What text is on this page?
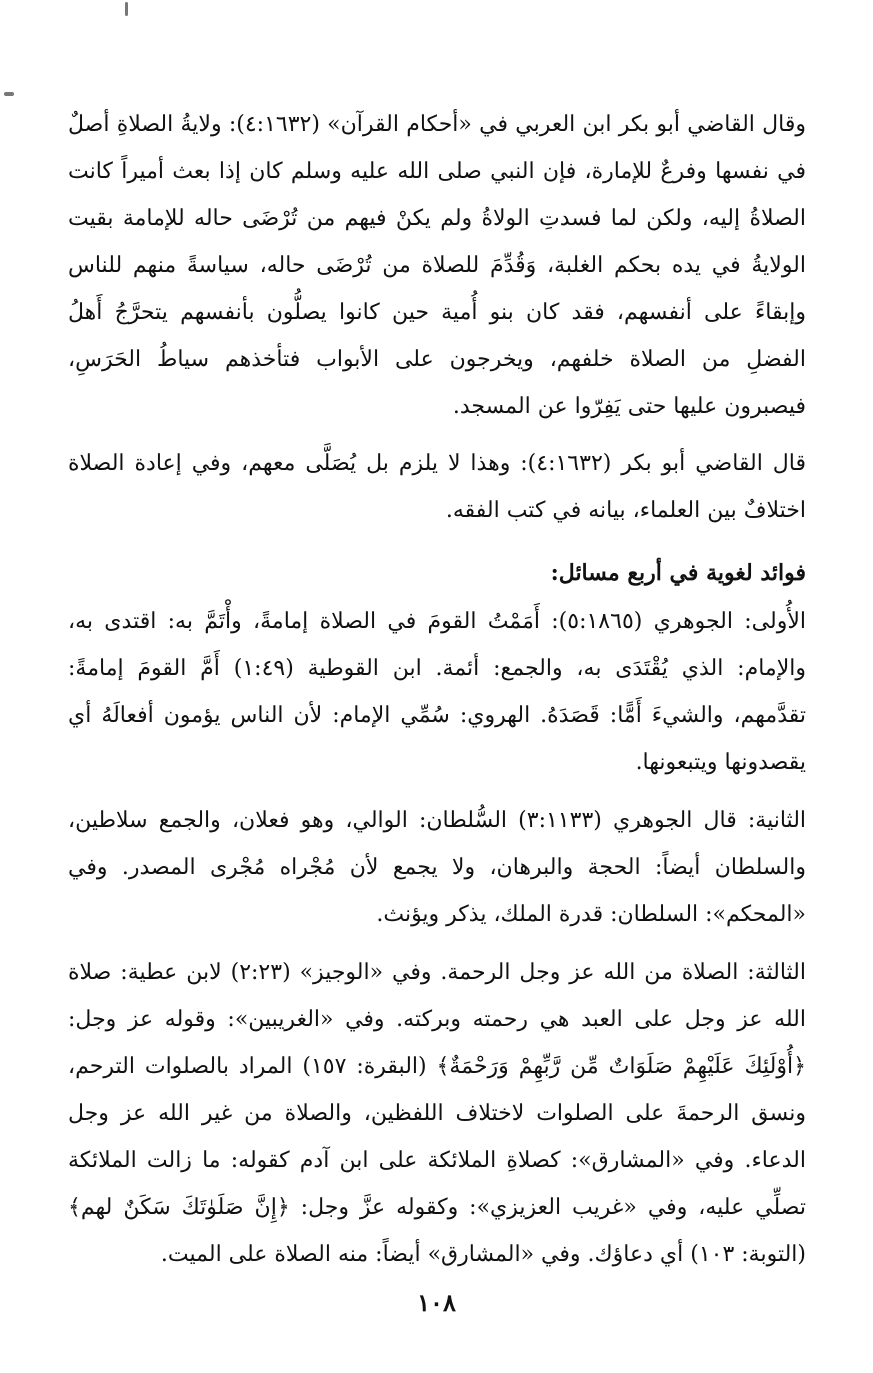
وقال القاضي أبو بكر ابن العربي في «أحكام القرآن» (٤:١٦٣٢): ولايةُ الصلاةِ أصلٌ في نفسها وفرعٌ للإمارة، فإن النبي صلى الله عليه وسلم كان إذا بعث أميراً كانت الصلاةُ إليه، ولكن لما فسدتِ الولاةُ ولم يكنْ فيهم من تُرْضَى حاله للإمامة بقيت الولايةُ في يده بحكم الغلبة، وَقُدِّمَ للصلاة من تُرْضَى حاله، سياسةً منهم للناس وإبقاءً على أنفسهم، فقد كان بنو أُمية حين كانوا يصلُّون بأنفسهم يتحرَّجُ أَهلُ الفضلِ من الصلاة خلفهم، ويخرجون على الأبواب فتأخذهم سياطُ الحَرَسِ، فيصبرون عليها حتى يَفِرّوا عن المسجد.

قال القاضي أبو بكر (٤:١٦٣٢): وهذا لا يلزم بل يُصَلَّى معهم، وفي إعادة الصلاة اختلافٌ بين العلماء، بيانه في كتب الفقه.

فوائد لغوية في أربع مسائل:

الأُولى: الجوهري (٥:١٨٦٥): أَمَمْتُ القومَ في الصلاة إمامةً، وأْتَمَّ به: اقتدى به، والإمام: الذي يُقْتَدَى به، والجمع: أئمة. ابن القوطية (١:٤٩) أَمَّ القومَ إمامةً: تقدَّمهم، والشيءَ أَمًّا: قَصَدَهُ. الهروي: سُمِّي الإمام: لأن الناس يؤمون أفعالَهُ أي يقصدونها ويتبعونها.

الثانية: قال الجوهري (٣:١١٣٣) السُّلطان: الوالي، وهو فعلان، والجمع سلاطين، والسلطان أيضاً: الحجة والبرهان، ولا يجمع لأن مُجْراه مُجْرى المصدر. وفي «المحكم»: السلطان: قدرة الملك، يذكر ويؤنث.

الثالثة: الصلاة من الله عز وجل الرحمة. وفي «الوجيز» (٢:٢٣) لابن عطية: صلاة الله عز وجل على العبد هي رحمته وبركته. وفي «الغريبين»: وقوله عز وجل: ﴿أُوْلَئِكَ عَلَيْهِمْ صَلَوَاتٌ مِّن رَّبِّهِمْ وَرَحْمَةٌ﴾ (البقرة: ١٥٧) المراد بالصلوات الترحم، ونسق الرحمةَ على الصلوات لاختلاف اللفظين، والصلاة من غير الله عز وجل الدعاء. وفي «المشارق»: كصلاةِ الملائكة على ابن آدم كقوله: ما زالت الملائكة تصلِّي عليه، وفي «غريب العزيزي»: وكقوله عزَّ وجل: ﴿إِنَّ صَلَوٰتَكَ سَكَنٌ لهم﴾ (التوبة: ١٠٣) أي دعاؤك. وفي «المشارق» أيضاً: منه الصلاة على الميت.

١٠٨
